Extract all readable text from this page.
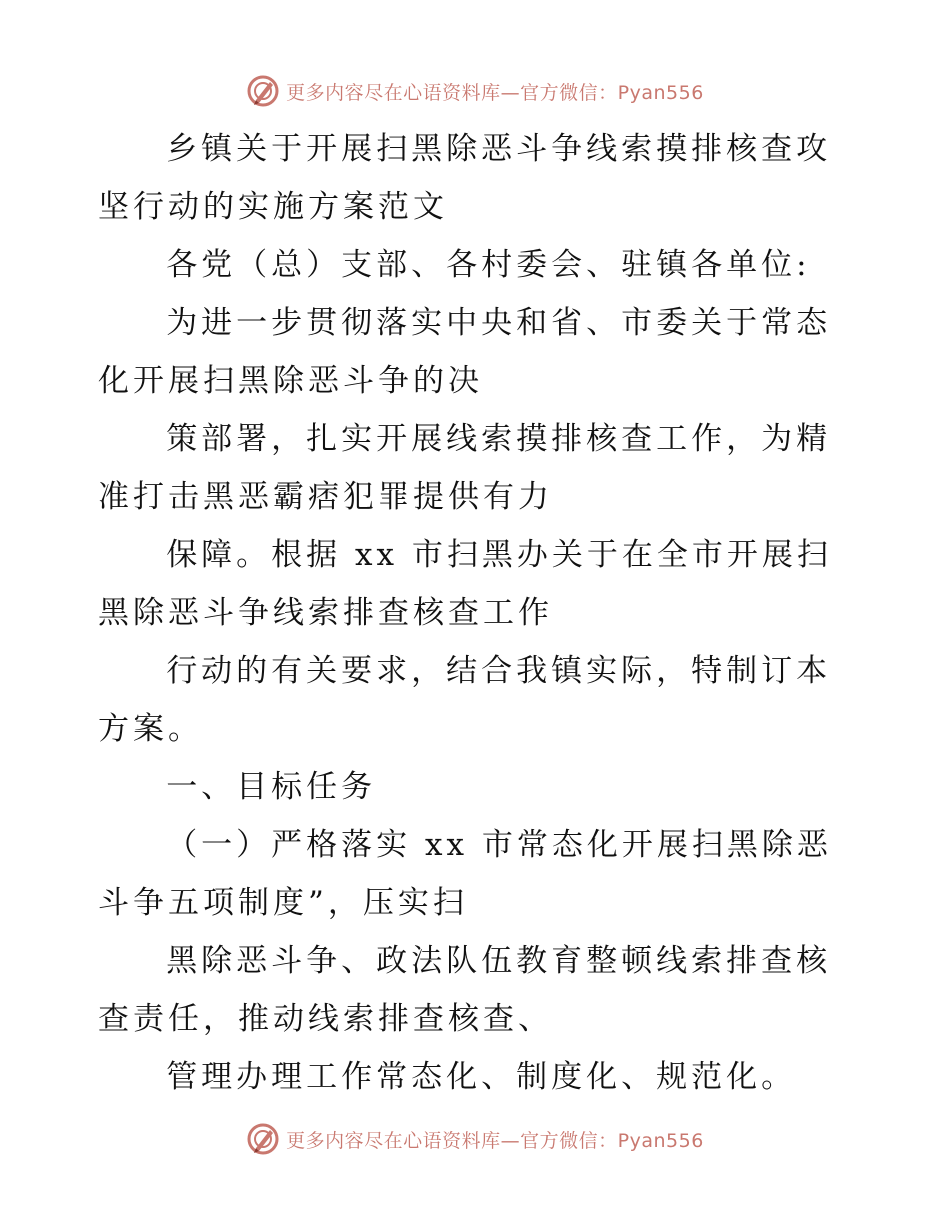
更多内容尽在心语资料库—官方微信：Pyan556

乡镇关于开展扫黑除恶斗争线索摸排核查攻坚行动的实施方案范文

各党（总）支部、各村委会、驻镇各单位:

为进一步贯彻落实中央和省、市委关于常态化开展扫黑除恶斗争的决

策部署，扎实开展线索摸排核查工作，为精准打击黑恶霸痞犯罪提供有力

保障。根据 xx 市扫黑办关于在全市开展扫黑除恶斗争线索排查核查工作

行动的有关要求，结合我镇实际，特制订本方案。

一、目标任务

（一）严格落实 xx 市常态化开展扫黑除恶斗争五项制度”，压实扫

黑除恶斗争、政法队伍教育整顿线索排查核查责任，推动线索排查核查、

管理办理工作常态化、制度化、规范化。

更多内容尽在心语资料库—官方微信：Pyan556
